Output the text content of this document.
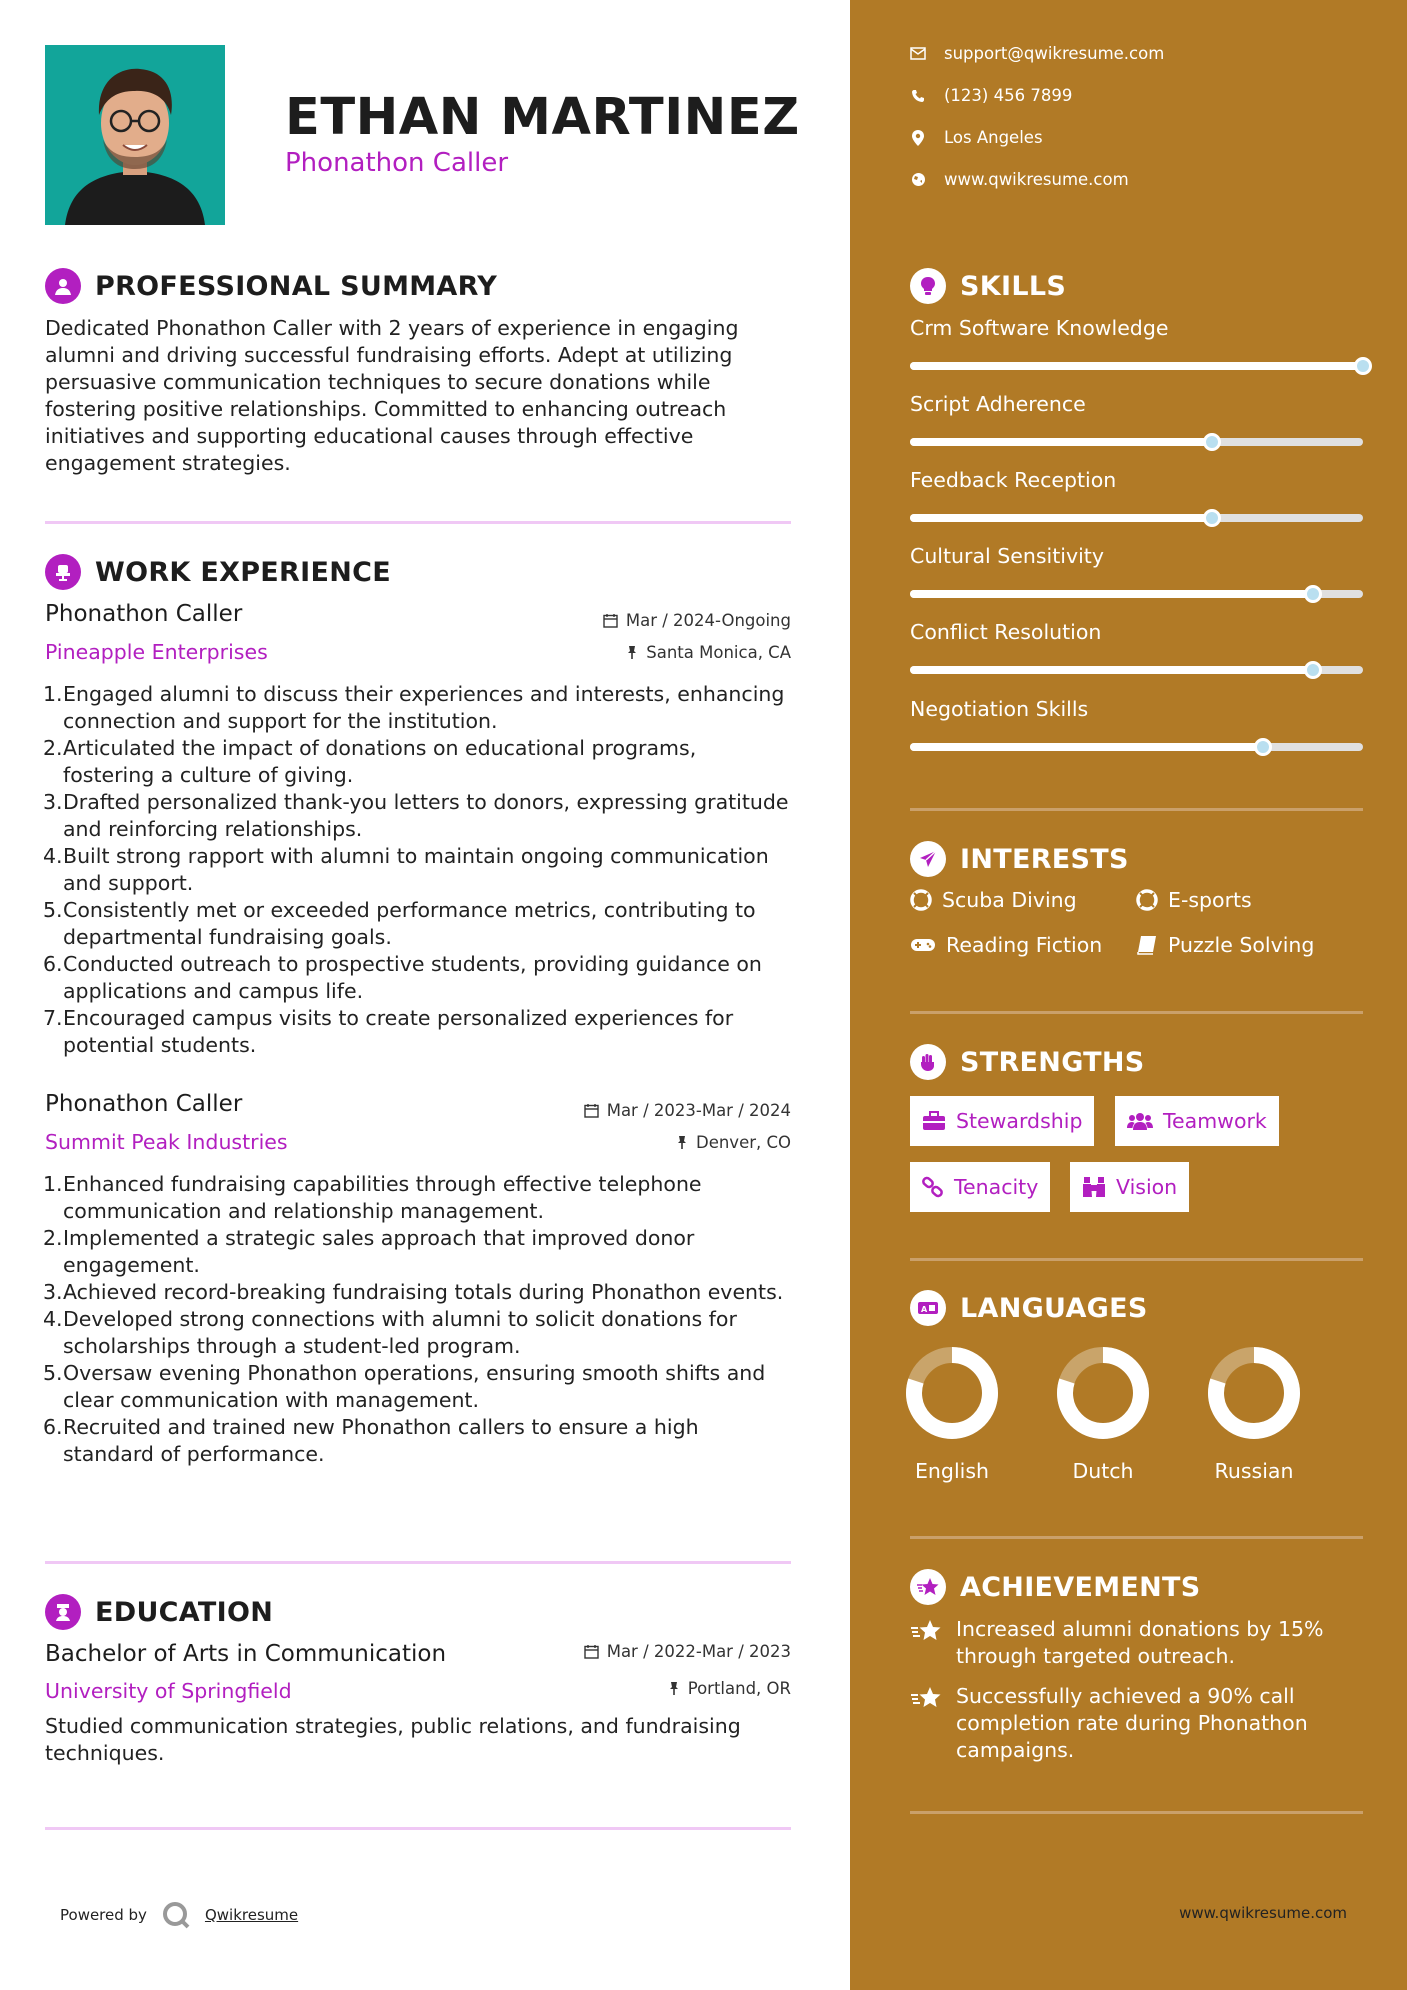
ETHAN MARTINEZ
Phonathon Caller
PROFESSIONAL SUMMARY
Dedicated Phonathon Caller with 2 years of experience in engaging alumni and driving successful fundraising efforts. Adept at utilizing persuasive communication techniques to secure donations while fostering positive relationships. Committed to enhancing outreach initiatives and supporting educational causes through effective engagement strategies.
WORK EXPERIENCE
Phonathon Caller	Mar / 2024-Ongoing
Pineapple Enterprises	Santa Monica, CA
1. Engaged alumni to discuss their experiences and interests, enhancing connection and support for the institution.
2. Articulated the impact of donations on educational programs, fostering a culture of giving.
3. Drafted personalized thank-you letters to donors, expressing gratitude and reinforcing relationships.
4. Built strong rapport with alumni to maintain ongoing communication and support.
5. Consistently met or exceeded performance metrics, contributing to departmental fundraising goals.
6. Conducted outreach to prospective students, providing guidance on applications and campus life.
7. Encouraged campus visits to create personalized experiences for potential students.
Phonathon Caller	Mar / 2023-Mar / 2024
Summit Peak Industries	Denver, CO
1. Enhanced fundraising capabilities through effective telephone communication and relationship management.
2. Implemented a strategic sales approach that improved donor engagement.
3. Achieved record-breaking fundraising totals during Phonathon events.
4. Developed strong connections with alumni to solicit donations for scholarships through a student-led program.
5. Oversaw evening Phonathon operations, ensuring smooth shifts and clear communication with management.
6. Recruited and trained new Phonathon callers to ensure a high standard of performance.
EDUCATION
Bachelor of Arts in Communication	Mar / 2022-Mar / 2023
University of Springfield	Portland, OR
Studied communication strategies, public relations, and fundraising techniques.
Powered by	Qwikresume
support@qwikresume.com
(123) 456 7899
Los Angeles
www.qwikresume.com
SKILLS
Crm Software Knowledge
Script Adherence
Feedback Reception
Cultural Sensitivity
Conflict Resolution
Negotiation Skills
INTERESTS
Scuba Diving	E-sports
Reading Fiction	Puzzle Solving
STRENGTHS
Stewardship	Teamwork
Tenacity	Vision
A LANGUAGES
English	Dutch	Russian
ACHIEVEMENTS
Increased alumni donations by 15% through targeted outreach.
Successfully achieved a 90% call completion rate during Phonathon campaigns.
www.qwikresume.com
